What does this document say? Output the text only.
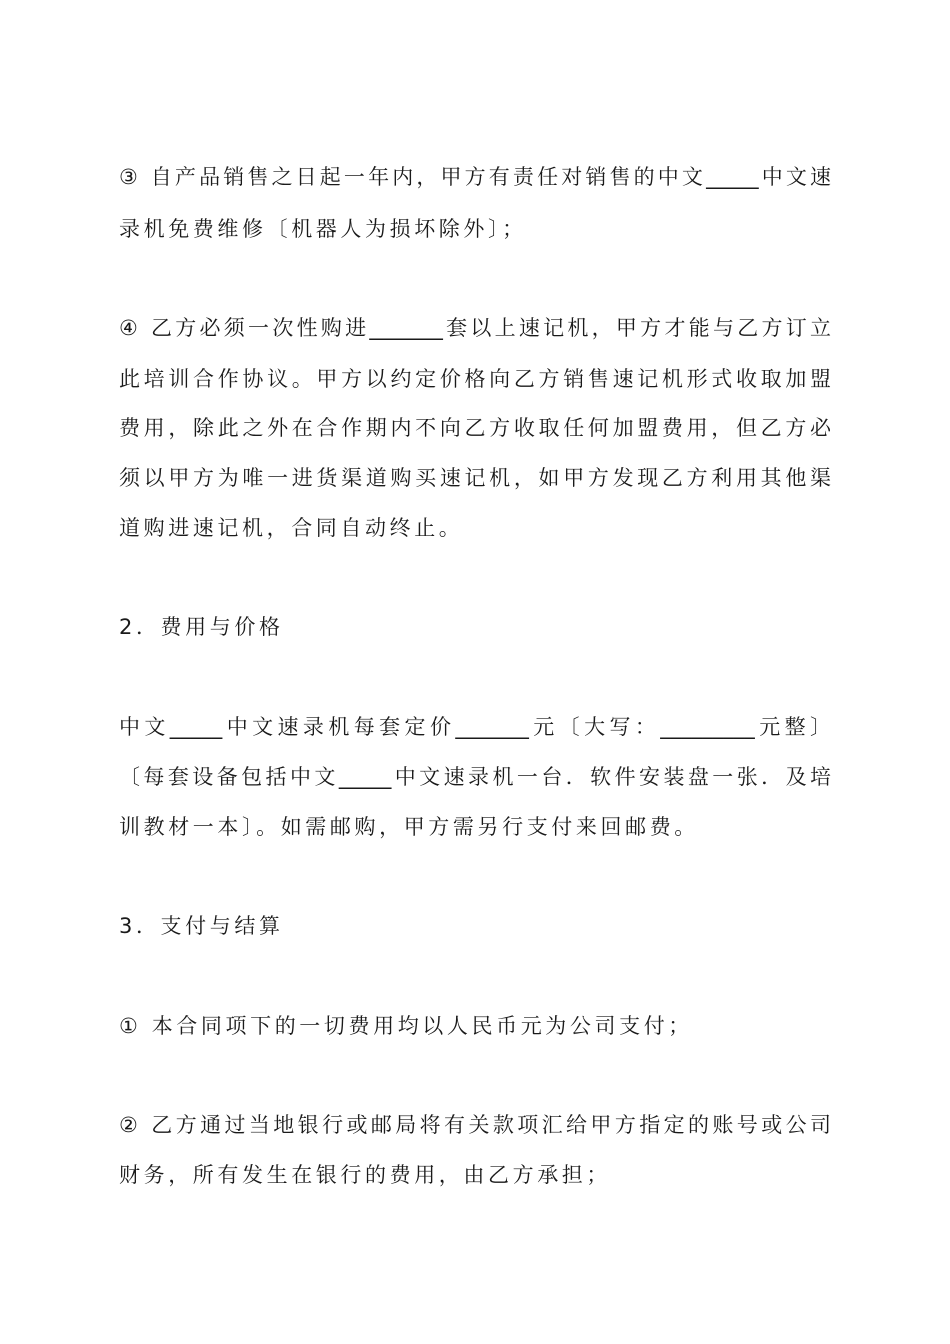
③ 自产品销售之日起一年内，甲方有责任对销售的中文_____中文速
录机免费维修〔机器人为损坏除外〕；
④ 乙方必须一次性购进_______套以上速记机，甲方才能与乙方订立
此培训合作协议。甲方以约定价格向乙方销售速记机形式收取加盟
费用，除此之外在合作期内不向乙方收取任何加盟费用，但乙方必
须以甲方为唯一进货渠道购买速记机，如甲方发现乙方利用其他渠
道购进速记机，合同自动终止。
2．费用与价格
中文_____中文速录机每套定价_______元〔大写：_________元整〕
〔每套设备包括中文_____中文速录机一台．软件安装盘一张．及培
训教材一本〕。如需邮购，甲方需另行支付来回邮费。
3．支付与结算
① 本合同项下的一切费用均以人民币元为公司支付；
② 乙方通过当地银行或邮局将有关款项汇给甲方指定的账号或公司
财务，所有发生在银行的费用，由乙方承担；
